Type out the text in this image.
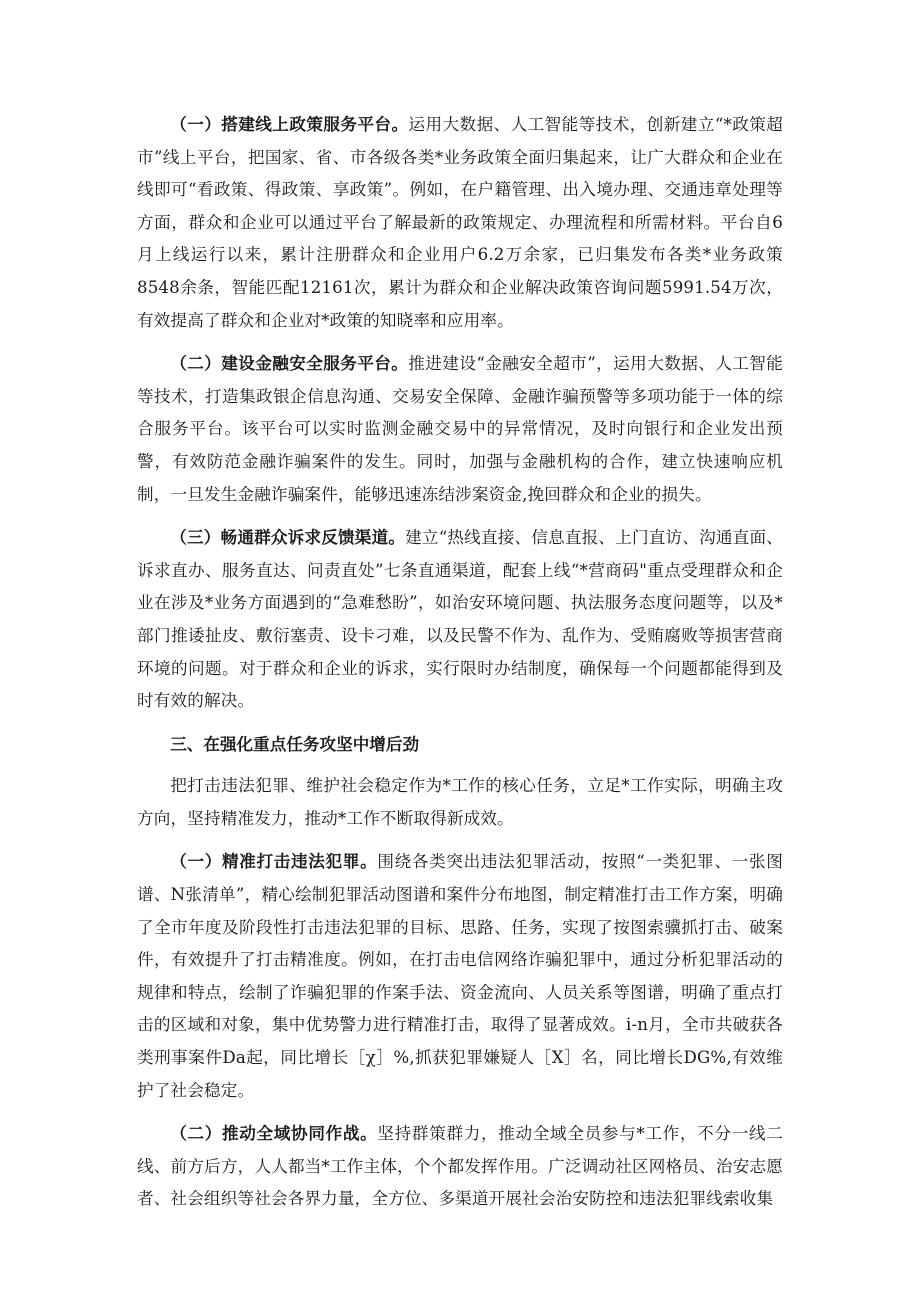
（一）搭建线上政策服务平台。运用大数据、人工智能等技术，创新建立“*政策超市”线上平台，把国家、省、市各级各类*业务政策全面归集起来，让广大群众和企业在线即可“看政策、得政策、享政策”。例如，在户籍管理、出入境办理、交通违章处理等方面，群众和企业可以通过平台了解最新的政策规定、办理流程和所需材料。平台自6月上线运行以来，累计注册群众和企业用户6.2万余家，已归集发布各类*业务政策8548余条，智能匹配12161次，累计为群众和企业解决政策咨询问题5991.54万次，有效提高了群众和企业对*政策的知晓率和应用率。

（二）建设金融安全服务平台。推进建设“金融安全超市”，运用大数据、人工智能等技术，打造集政银企信息沟通、交易安全保障、金融诈骗预警等多项功能于一体的综合服务平台。该平台可以实时监测金融交易中的异常情况，及时向银行和企业发出预警，有效防范金融诈骗案件的发生。同时，加强与金融机构的合作，建立快速响应机制，一旦发生金融诈骗案件，能够迅速冻结涉案资金,挽回群众和企业的损失。

（三）畅通群众诉求反馈渠道。建立“热线直接、信息直报、上门直访、沟通直面、诉求直办、服务直达、问责直处”七条直通渠道，配套上线“*营商码"重点受理群众和企业在涉及*业务方面遇到的“急难愁盼”，如治安环境问题、执法服务态度问题等，以及*部门推诿扯皮、敷衍塞责、设卡刁难，以及民警不作为、乱作为、受贿腐败等损害营商环境的问题。对于群众和企业的诉求，实行限时办结制度，确保每一个问题都能得到及时有效的解决。

三、在强化重点任务攻坚中增后劲

把打击违法犯罪、维护社会稳定作为*工作的核心任务，立足*工作实际，明确主攻方向，坚持精准发力，推动*工作不断取得新成效。

（一）精准打击违法犯罪。围绕各类突出违法犯罪活动，按照“一类犯罪、一张图谱、N张清单”，精心绘制犯罪活动图谱和案件分布地图，制定精准打击工作方案，明确了全市年度及阶段性打击违法犯罪的目标、思路、任务，实现了按图索骥抓打击、破案件，有效提升了打击精准度。例如，在打击电信网络诈骗犯罪中，通过分析犯罪活动的规律和特点，绘制了诈骗犯罪的作案手法、资金流向、人员关系等图谱，明确了重点打击的区域和对象，集中优势警力进行精准打击，取得了显著成效。i-n月，全市共破获各类刑事案件Da起，同比增长［χ］%,抓获犯罪嫌疑人［X］名，同比增长DG%,有效维护了社会稳定。

（二）推动全域协同作战。坚持群策群力，推动全域全员参与*工作，不分一线二线、前方后方，人人都当*工作主体，个个都发挥作用。广泛调动社区网格员、治安志愿者、社会组织等社会各界力量，全方位、多渠道开展社会治安防控和违法犯罪线索收集
